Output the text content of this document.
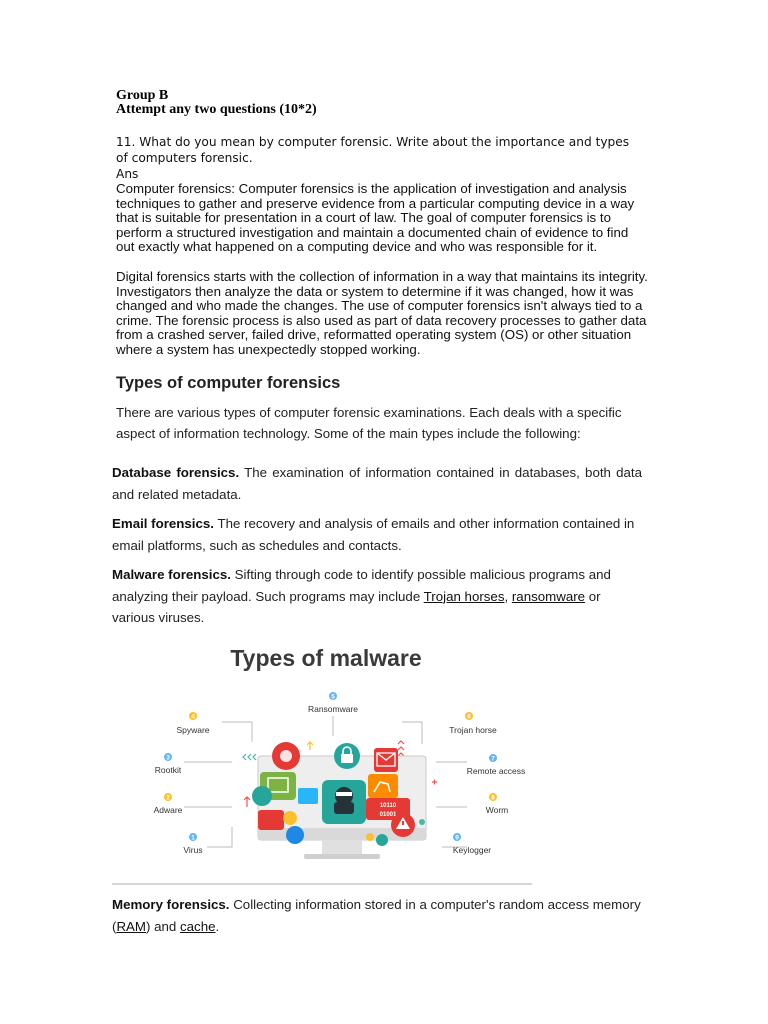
Group B
Attempt any two questions (10*2)
11. What do you mean by computer forensic. Write about the importance and types of computers forensic.
Ans
Computer forensics: Computer forensics is the application of investigation and analysis techniques to gather and preserve evidence from a particular computing device in a way that is suitable for presentation in a court of law. The goal of computer forensics is to perform a structured investigation and maintain a documented chain of evidence to find out exactly what happened on a computing device and who was responsible for it.
Digital forensics starts with the collection of information in a way that maintains its integrity. Investigators then analyze the data or system to determine if it was changed, how it was changed and who made the changes. The use of computer forensics isn't always tied to a crime. The forensic process is also used as part of data recovery processes to gather data from a crashed server, failed drive, reformatted operating system (OS) or other situation where a system has unexpectedly stopped working.
Types of computer forensics
There are various types of computer forensic examinations. Each deals with a specific aspect of information technology. Some of the main types include the following:
Database forensics. The examination of information contained in databases, both data and related metadata.
Email forensics. The recovery and analysis of emails and other information contained in email platforms, such as schedules and contacts.
Malware forensics. Sifting through code to identify possible malicious programs and analyzing their payload. Such programs may include Trojan horses, ransomware or various viruses.
Types of malware
5
4	6
3	7
2	8
1	9
Ransomware
Spyware	Trojan horse
Rootkit	Remote access
Adware	Worm
Virus	Keylogger
10110
01001
Memory forensics. Collecting information stored in a computer's random access memory (RAM) and cache.
